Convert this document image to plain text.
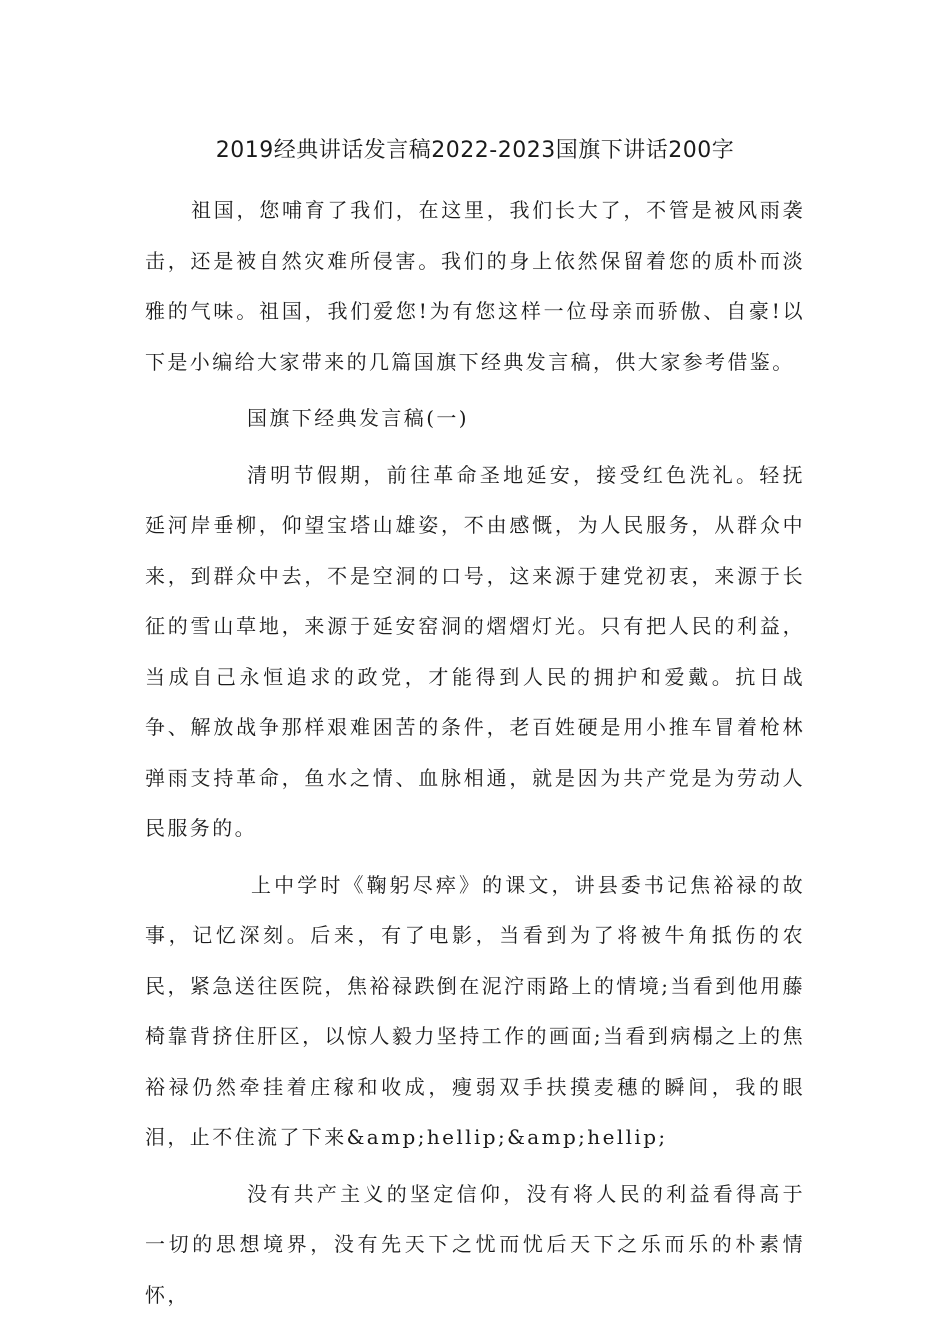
2019经典讲话发言稿2022-2023国旗下讲话200字

祖国，您哺育了我们，在这里，我们长大了，不管是被风雨袭击，还是被自然灾难所侵害。我们的身上依然保留着您的质朴而淡雅的气味。祖国，我们爱您!为有您这样一位母亲而骄傲、自豪!以下是小编给大家带来的几篇国旗下经典发言稿，供大家参考借鉴。

国旗下经典发言稿(一)

清明节假期，前往革命圣地延安，接受红色洗礼。轻抚延河岸垂柳，仰望宝塔山雄姿，不由感慨，为人民服务，从群众中来，到群众中去，不是空洞的口号，这来源于建党初衷，来源于长征的雪山草地，来源于延安窑洞的熠熠灯光。只有把人民的利益，当成自己永恒追求的政党，才能得到人民的拥护和爱戴。抗日战争、解放战争那样艰难困苦的条件，老百姓硬是用小推车冒着枪林弹雨支持革命，鱼水之情、血脉相通，就是因为共产党是为劳动人民服务的。

上中学时《鞠躬尽瘁》的课文，讲县委书记焦裕禄的故事，记忆深刻。后来，有了电影，当看到为了将被牛角抵伤的农民，紧急送往医院，焦裕禄跌倒在泥泞雨路上的情境;当看到他用藤椅靠背挤住肝区，以惊人毅力坚持工作的画面;当看到病榻之上的焦裕禄仍然牵挂着庄稼和收成，瘦弱双手扶摸麦穗的瞬间，我的眼泪，止不住流了下来&amp;hellip;&amp;hellip;

没有共产主义的坚定信仰，没有将人民的利益看得高于一切的思想境界，没有先天下之忧而忧后天下之乐而乐的朴素情怀，
